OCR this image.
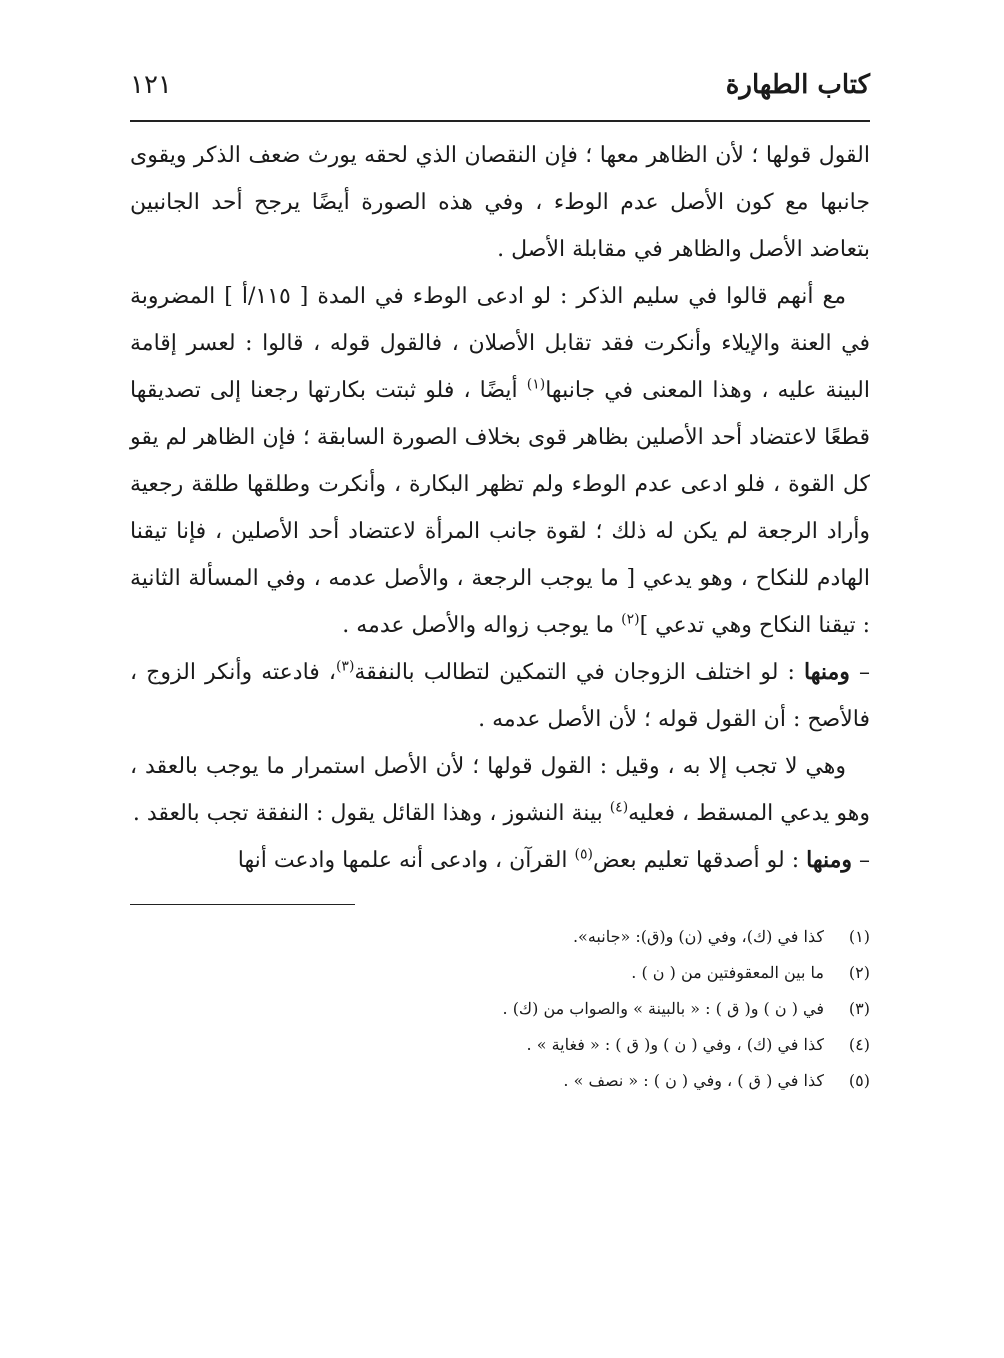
كتاب الطهارة
١٢١

القول قولها ؛ لأن الظاهر معها ؛ فإن النقصان الذي لحقه يورث ضعف الذكر ويقوى جانبها مع كون الأصل عدم الوطء ، وفي هذه الصورة أيضًا يرجح أحد الجانبين بتعاضد الأصل والظاهر في مقابلة الأصل .

مع أنهم قالوا في سليم الذكر : لو ادعى الوطء في المدة [ ١١٥/أ ] المضروبة في العنة والإيلاء وأنكرت فقد تقابل الأصلان ، فالقول قوله ، قالوا : لعسر إقامة البينة عليه ، وهذا المعنى في جانبها$^{(١)}$ أيضًا ، فلو ثبتت بكارتها رجعنا إلى تصديقها قطعًا لاعتضاد أحد الأصلين بظاهر قوى بخلاف الصورة السابقة ؛ فإن الظاهر لم يقو كل القوة ، فلو ادعى عدم الوطء ولم تظهر البكارة ، وأنكرت وطلقها طلقة رجعية وأراد الرجعة لم يكن له ذلك ؛ لقوة جانب المرأة لاعتضاد أحد الأصلين ، فإنا تيقنا الهادم للنكاح ، وهو يدعي [ ما يوجب الرجعة ، والأصل عدمه ، وفي المسألة الثانية : تيقنا النكاح وهي تدعي ]$^{(٢)}$ ما يوجب زواله والأصل عدمه .

– ومنها : لو اختلف الزوجان في التمكين لتطالب بالنفقة$^{(٣)}$، فادعته وأنكر الزوج ، فالأصح : أن القول قوله ؛ لأن الأصل عدمه .

وهي لا تجب إلا به ، وقيل : القول قولها ؛ لأن الأصل استمرار ما يوجب بالعقد ، وهو يدعي المسقط ، فعليه$^{(٤)}$ بينة النشوز ، وهذا القائل يقول : النفقة تجب بالعقد .

– ومنها : لو أصدقها تعليم بعض$^{(٥)}$ القرآن ، وادعى أنه علمها وادعت أنها

(١)
كذا في (ك)، وفي (ن) و(ق): «جانبه».
(٢)
ما بين المعقوفتين من ( ن ) .
(٣)
في ( ن ) و( ق ) : « بالبينة » والصواب من (ك) .
(٤)
كذا في (ك) ، وفي ( ن ) و( ق ) : « فغاية » .
(٥)
كذا في ( ق ) ، وفي ( ن ) : « نصف » .
